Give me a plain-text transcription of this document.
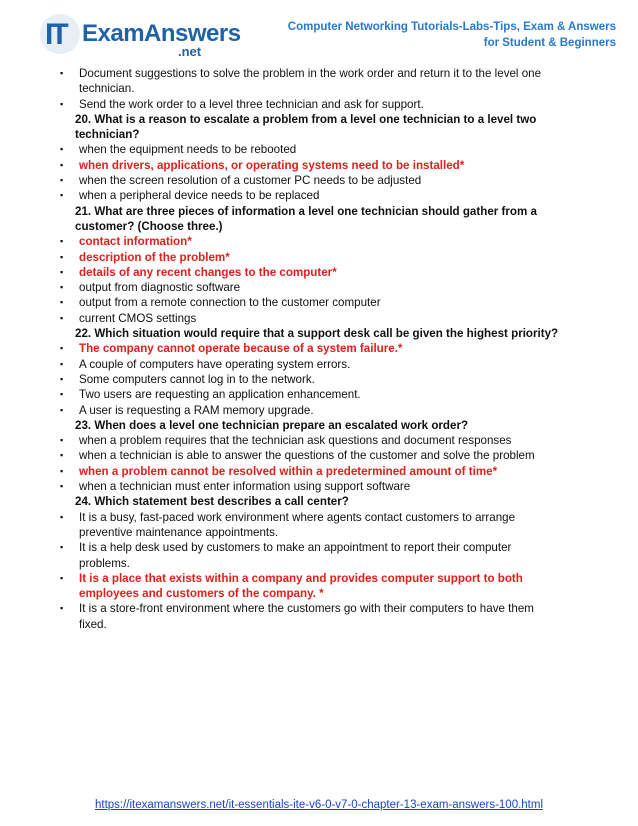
IT ExamAnswers
.net
Computer Networking Tutorials-Labs-Tips, Exam & Answers
for Student & Beginners
▪ Document suggestions to solve the problem in the work order and return it to the level one technician.
▪ Send the work order to a level three technician and ask for support.
20. What is a reason to escalate a problem from a level one technician to a level two technician?
▪ when the equipment needs to be rebooted
▪ when drivers, applications, or operating systems need to be installed*
▪ when the screen resolution of a customer PC needs to be adjusted
▪ when a peripheral device needs to be replaced
21. What are three pieces of information a level one technician should gather from a customer? (Choose three.)
▪ contact information*
▪ description of the problem*
▪ details of any recent changes to the computer*
▪ output from diagnostic software
▪ output from a remote connection to the customer computer
▪ current CMOS settings
22. Which situation would require that a support desk call be given the highest priority?
▪ The company cannot operate because of a system failure.*
▪ A couple of computers have operating system errors.
▪ Some computers cannot log in to the network.
▪ Two users are requesting an application enhancement.
▪ A user is requesting a RAM memory upgrade.
23. When does a level one technician prepare an escalated work order?
▪ when a problem requires that the technician ask questions and document responses
▪ when a technician is able to answer the questions of the customer and solve the problem
▪ when a problem cannot be resolved within a predetermined amount of time*
▪ when a technician must enter information using support software
24. Which statement best describes a call center?
▪ It is a busy, fast-paced work environment where agents contact customers to arrange preventive maintenance appointments.
▪ It is a help desk used by customers to make an appointment to report their computer problems.
▪ It is a place that exists within a company and provides computer support to both employees and customers of the company. *
▪ It is a store-front environment where the customers go with their computers to have them fixed.
https://itexamanswers.net/it-essentials-ite-v6-0-v7-0-chapter-13-exam-answers-100.html
